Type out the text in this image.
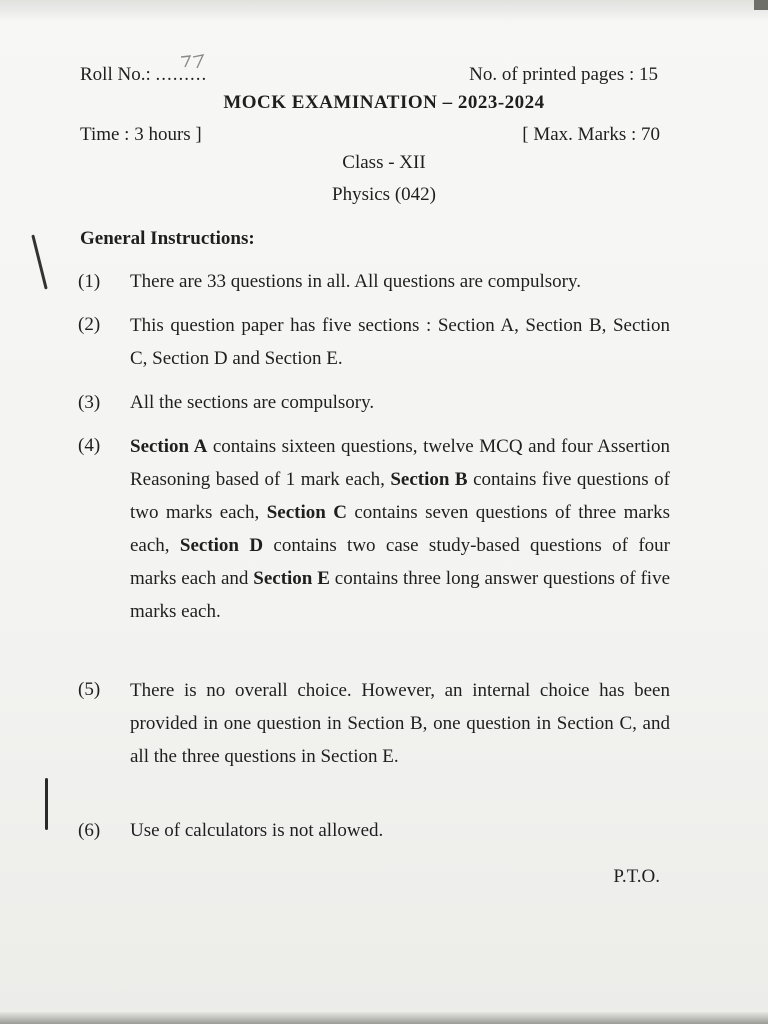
Roll No.: .........	No. of printed pages : 15
MOCK EXAMINATION – 2023-2024
Time : 3 hours ]	[ Max. Marks : 70
Class - XII
Physics (042)
General Instructions:
(1) There are 33 questions in all. All questions are compulsory.
(2) This question paper has five sections : Section A, Section B, Section C, Section D and Section E.
(3) All the sections are compulsory.
(4) Section A contains sixteen questions, twelve MCQ and four Assertion Reasoning based of 1 mark each, Section B contains five questions of two marks each, Section C contains seven questions of three marks each, Section D contains two case study-based questions of four marks each and Section E contains three long answer questions of five marks each.
(5) There is no overall choice. However, an internal choice has been provided in one question in Section B, one question in Section C, and all the three questions in Section E.
(6) Use of calculators is not allowed.
P.T.O.
